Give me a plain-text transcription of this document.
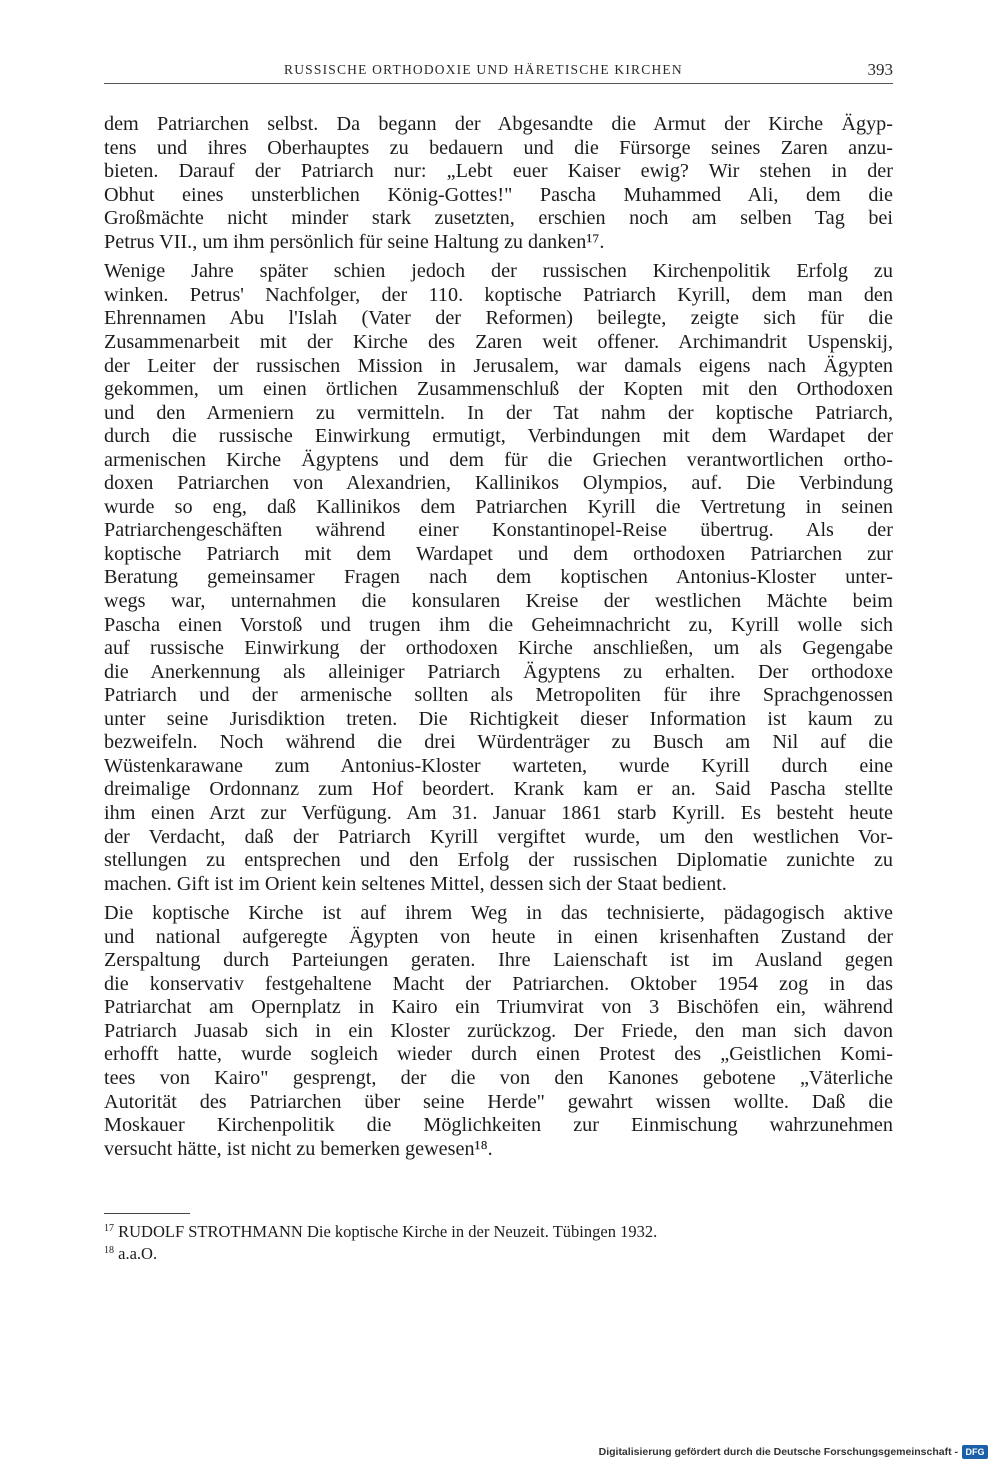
RUSSISCHE ORTHODOXIE UND HÄRETISCHE KIRCHEN	393
dem Patriarchen selbst. Da begann der Abgesandte die Armut der Kirche Ägyp-
tens und ihres Oberhauptes zu bedauern und die Fürsorge seines Zaren anzu-
bieten. Darauf der Patriarch nur: „Lebt euer Kaiser ewig? Wir stehen in der
Obhut eines unsterblichen König-Gottes!" Pascha Muhammed Ali, dem die
Großmächte nicht minder stark zusetzten, erschien noch am selben Tag bei
Petrus VII., um ihm persönlich für seine Haltung zu danken¹⁷.
Wenige Jahre später schien jedoch der russischen Kirchenpolitik Erfolg zu
winken. Petrus' Nachfolger, der 110. koptische Patriarch Kyrill, dem man den
Ehrennamen Abu l'Islah (Vater der Reformen) beilegte, zeigte sich für die
Zusammenarbeit mit der Kirche des Zaren weit offener. Archimandrit Uspenskij,
der Leiter der russischen Mission in Jerusalem, war damals eigens nach Ägypten
gekommen, um einen örtlichen Zusammenschluß der Kopten mit den Orthodoxen
und den Armeniern zu vermitteln. In der Tat nahm der koptische Patriarch,
durch die russische Einwirkung ermutigt, Verbindungen mit dem Wardapet der
armenischen Kirche Ägyptens und dem für die Griechen verantwortlichen ortho-
doxen Patriarchen von Alexandrien, Kallinikos Olympios, auf. Die Verbindung
wurde so eng, daß Kallinikos dem Patriarchen Kyrill die Vertretung in seinen
Patriarchengeschäften während einer Konstantinopel-Reise übertrug. Als der
koptische Patriarch mit dem Wardapet und dem orthodoxen Patriarchen zur
Beratung gemeinsamer Fragen nach dem koptischen Antonius-Kloster unter-
wegs war, unternahmen die konsularen Kreise der westlichen Mächte beim
Pascha einen Vorstoß und trugen ihm die Geheimnachricht zu, Kyrill wolle sich
auf russische Einwirkung der orthodoxen Kirche anschließen, um als Gegengabe
die Anerkennung als alleiniger Patriarch Ägyptens zu erhalten. Der orthodoxe
Patriarch und der armenische sollten als Metropoliten für ihre Sprachgenossen
unter seine Jurisdiktion treten. Die Richtigkeit dieser Information ist kaum zu
bezweifeln. Noch während die drei Würdenträger zu Busch am Nil auf die
Wüstenkarawane zum Antonius-Kloster warteten, wurde Kyrill durch eine
dreimalige Ordonnanz zum Hof beordert. Krank kam er an. Said Pascha stellte
ihm einen Arzt zur Verfügung. Am 31. Januar 1861 starb Kyrill. Es besteht heute
der Verdacht, daß der Patriarch Kyrill vergiftet wurde, um den westlichen Vor-
stellungen zu entsprechen und den Erfolg der russischen Diplomatie zunichte zu
machen. Gift ist im Orient kein seltenes Mittel, dessen sich der Staat bedient.
Die koptische Kirche ist auf ihrem Weg in das technisierte, pädagogisch aktive
und national aufgeregte Ägypten von heute in einen krisenhaften Zustand der
Zerspaltung durch Parteiungen geraten. Ihre Laienschaft ist im Ausland gegen
die konservativ festgehaltene Macht der Patriarchen. Oktober 1954 zog in das
Patriarchat am Opernplatz in Kairo ein Triumvirat von 3 Bischöfen ein, während
Patriarch Juasab sich in ein Kloster zurückzog. Der Friede, den man sich davon
erhofft hatte, wurde sogleich wieder durch einen Protest des „Geistlichen Komi-
tees von Kairo" gesprengt, der die von den Kanones gebotene „Väterliche
Autorität des Patriarchen über seine Herde" gewahrt wissen wollte. Daß die
Moskauer Kirchenpolitik die Möglichkeiten zur Einmischung wahrzunehmen
versucht hätte, ist nicht zu bemerken gewesen¹⁸.
$^{17}$ RUDOLF STROTHMANN Die koptische Kirche in der Neuzeit. Tübingen 1932.
$^{18}$ a.a.O.
Digitalisierung gefördert durch die Deutsche Forschungsgemeinschaft - DFG
